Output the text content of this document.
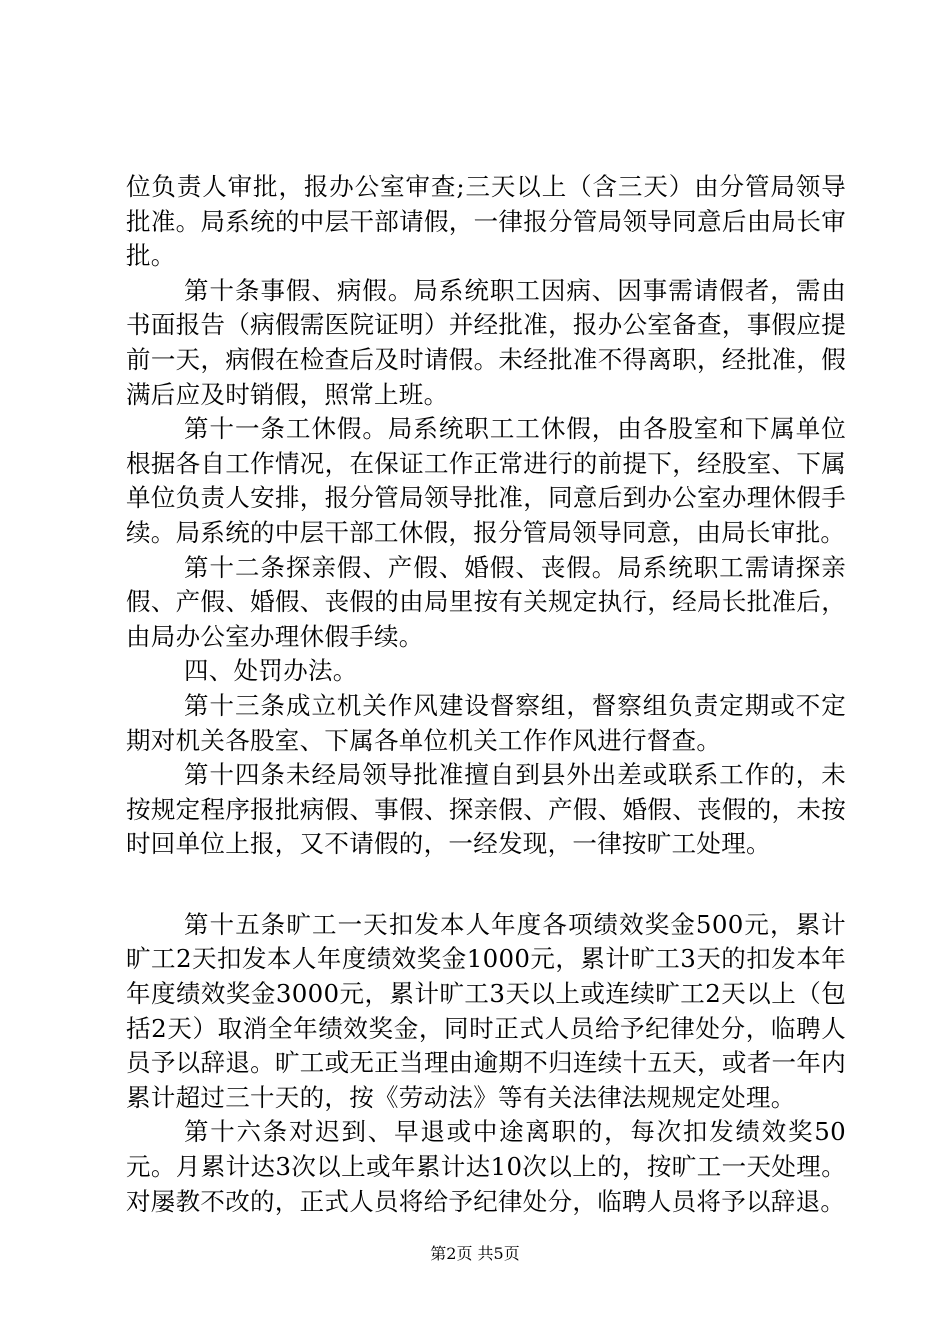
位负责人审批，报办公室审查;三天以上（含三天）由分管局领导批准。局系统的中层干部请假，一律报分管局领导同意后由局长审批。

第十条事假、病假。局系统职工因病、因事需请假者，需由书面报告（病假需医院证明）并经批准，报办公室备查，事假应提前一天，病假在检查后及时请假。未经批准不得离职，经批准，假满后应及时销假，照常上班。

第十一条工休假。局系统职工工休假，由各股室和下属单位根据各自工作情况，在保证工作正常进行的前提下，经股室、下属单位负责人安排，报分管局领导批准，同意后到办公室办理休假手续。局系统的中层干部工休假，报分管局领导同意，由局长审批。

第十二条探亲假、产假、婚假、丧假。局系统职工需请探亲假、产假、婚假、丧假的由局里按有关规定执行，经局长批准后，由局办公室办理休假手续。

四、处罚办法。

第十三条成立机关作风建设督察组，督察组负责定期或不定期对机关各股室、下属各单位机关工作作风进行督查。

第十四条未经局领导批准擅自到县外出差或联系工作的，未按规定程序报批病假、事假、探亲假、产假、婚假、丧假的，未按时回单位上报，又不请假的，一经发现，一律按旷工处理。

第十五条旷工一天扣发本人年度各项绩效奖金500元，累计旷工2天扣发本人年度绩效奖金1000元，累计旷工3天的扣发本年年度绩效奖金3000元，累计旷工3天以上或连续旷工2天以上（包括2天）取消全年绩效奖金，同时正式人员给予纪律处分，临聘人员予以辞退。旷工或无正当理由逾期不归连续十五天，或者一年内累计超过三十天的，按《劳动法》等有关法律法规规定处理。

第十六条对迟到、早退或中途离职的，每次扣发绩效奖50元。月累计达3次以上或年累计达10次以上的，按旷工一天处理。对屡教不改的，正式人员将给予纪律处分，临聘人员将予以辞退。

第2页 共5页
